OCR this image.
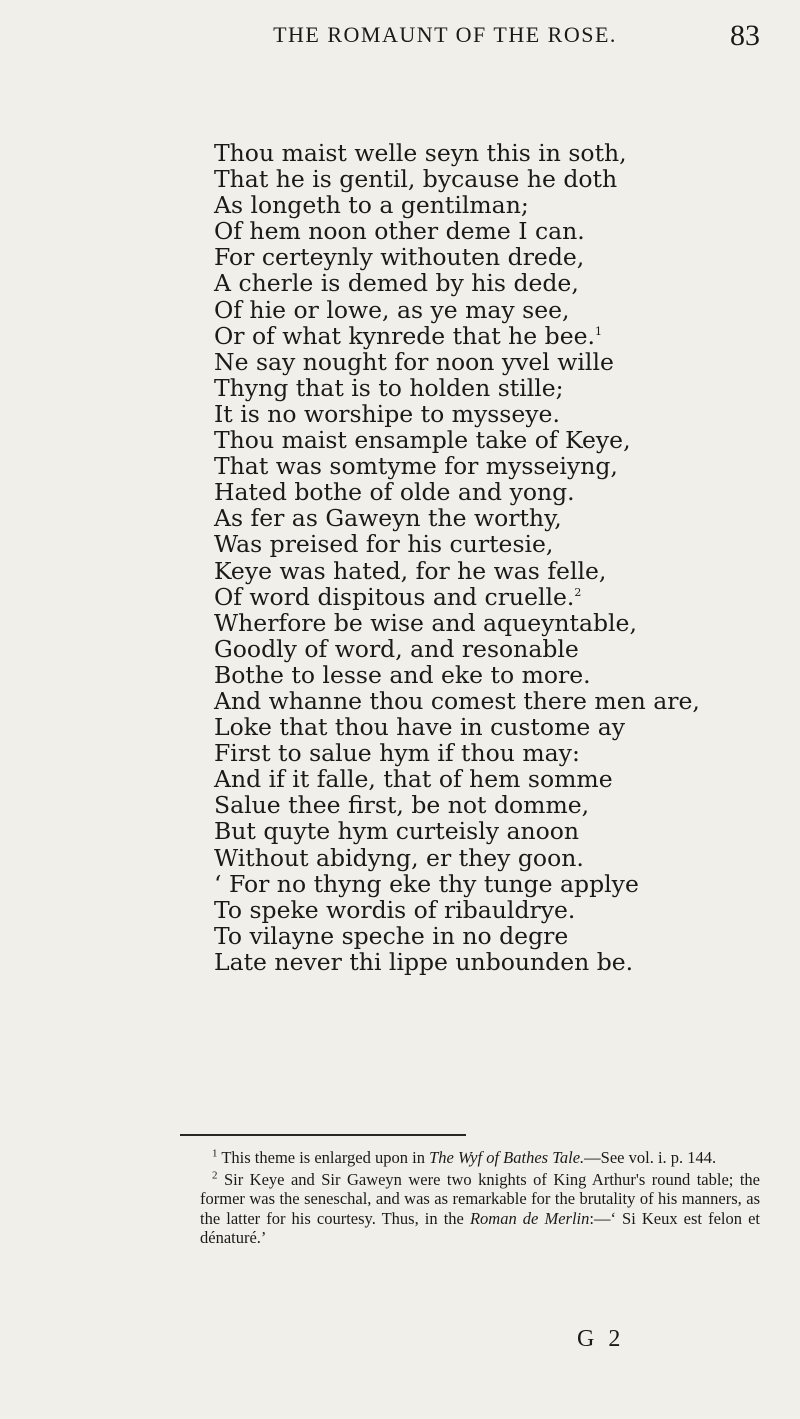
THE ROMAUNT OF THE ROSE.	83
Thou maist welle seyn this in soth,
That he is gentil, bycause he doth
As longeth to a gentilman;
Of hem noon other deme I can.
For certeynly withouten drede,
A cherle is demed by his dede,
Of hie or lowe, as ye may see,
Or of what kynrede that he bee.$^1$
Ne say nought for noon yvel wille
Thyng that is to holden stille;
It is no worshipe to mysseye.
Thou maist ensample take of Keye,
That was somtyme for mysseiyng,
Hated bothe of olde and yong.
As fer as Gaweyn the worthy,
Was preised for his curtesie,
Keye was hated, for he was felle,
Of word dispitous and cruelle.$^2$
Wherfore be wise and aqueyntable,
Goodly of word, and resonable
Bothe to lesse and eke to more.
And whanne thou comest there men are,
Loke that thou have in custome ay
First to salue hym if thou may:
And if it falle, that of hem somme
Salue thee first, be not domme,
But quyte hym curteisly anoon
Without abidyng, er they goon.
‘ For no thyng eke thy tunge applye
To speke wordis of ribauldrye.
To vilayne speche in no degre
Late never thi lippe unbounden be.

$^1$ This theme is enlarged upon in The Wyf of Bathes Tale.—See vol. i. p. 144.

$^2$ Sir Keye and Sir Gaweyn were two knights of King Arthur's round table; the former was the seneschal, and was as remarkable for the brutality of his manners, as the latter for his courtesy. Thus, in the Roman de Merlin:—‘ Si Keux est felon et dénaturé.’

G 2
